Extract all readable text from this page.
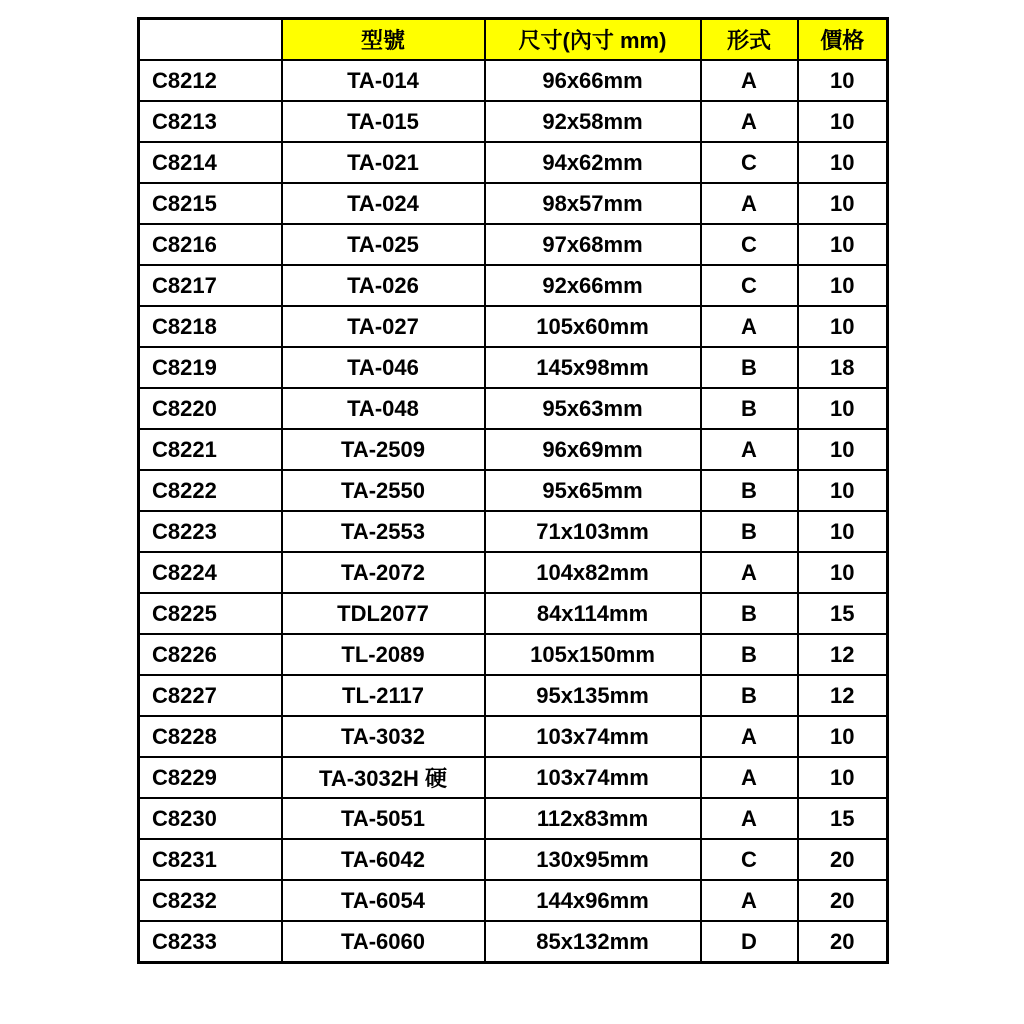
	型號	尺寸(內寸 mm)	形式	價格
C8212	TA-014	96x66mm	A	10
C8213	TA-015	92x58mm	A	10
C8214	TA-021	94x62mm	C	10
C8215	TA-024	98x57mm	A	10
C8216	TA-025	97x68mm	C	10
C8217	TA-026	92x66mm	C	10
C8218	TA-027	105x60mm	A	10
C8219	TA-046	145x98mm	B	18
C8220	TA-048	95x63mm	B	10
C8221	TA-2509	96x69mm	A	10
C8222	TA-2550	95x65mm	B	10
C8223	TA-2553	71x103mm	B	10
C8224	TA-2072	104x82mm	A	10
C8225	TDL2077	84x114mm	B	15
C8226	TL-2089	105x150mm	B	12
C8227	TL-2117	95x135mm	B	12
C8228	TA-3032	103x74mm	A	10
C8229	TA-3032H 硬	103x74mm	A	10
C8230	TA-5051	112x83mm	A	15
C8231	TA-6042	130x95mm	C	20
C8232	TA-6054	144x96mm	A	20
C8233	TA-6060	85x132mm	D	20
